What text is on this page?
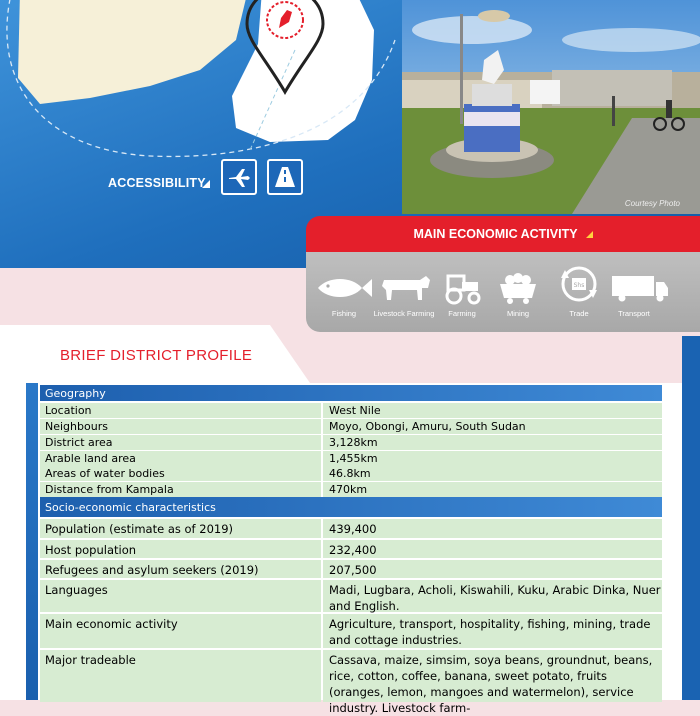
ACCESSIBILITY
Courtesy Photo
MAIN ECONOMIC ACTIVITY
Fishing	Livestock Farming	Farming	Mining
Shs
Trade	Transport
BRIEF DISTRICT PROFILE
Geography
Location	West Nile
Neighbours	Moyo, Obongi, Amuru, South Sudan
District area	3,128km
Arable land area	1,455km
Areas of water bodies	46.8km
Distance from Kampala	470km
Socio-economic characteristics
Population (estimate as of 2019)	439,400
Host population	232,400
Refugees and asylum seekers (2019)	207,500
Languages	Madi, Lugbara, Acholi, Kiswahili, Kuku, Arabic Dinka, Nuer and English.
Main economic activity	Agriculture, transport, hospitality, fishing, mining, trade and cottage industries.
Major tradeable	Cassava, maize, simsim, soya beans, groundnut, beans, rice, cotton, coffee, banana, sweet potato, fruits (oranges, lemon, mangoes and watermelon), service industry. Livestock farm-
